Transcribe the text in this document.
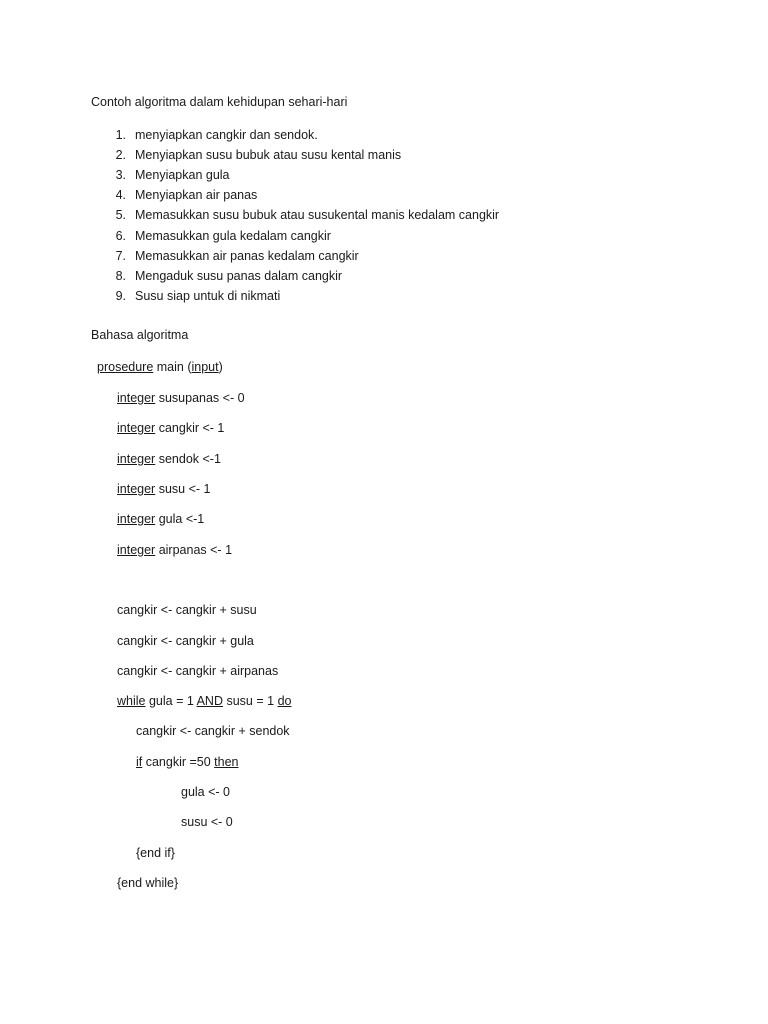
Contoh algoritma dalam kehidupan sehari-hari
1. menyiapkan cangkir dan sendok.
2. Menyiapkan susu bubuk atau susu kental manis
3. Menyiapkan gula
4. Menyiapkan air panas
5. Memasukkan susu bubuk atau susukental manis kedalam cangkir
6. Memasukkan gula kedalam cangkir
7. Memasukkan air panas kedalam cangkir
8. Mengaduk susu panas dalam cangkir
9. Susu siap untuk di nikmati
Bahasa algoritma
prosedure main (input)
integer susupanas <- 0
integer cangkir <- 1
integer sendok <-1
integer susu <- 1
integer gula <-1
integer airpanas <- 1
cangkir <- cangkir + susu
cangkir <- cangkir + gula
cangkir <- cangkir + airpanas
while gula = 1 AND susu = 1 do
cangkir <- cangkir + sendok
if cangkir =50 then
gula <- 0
susu <- 0
{end if}
{end while}
